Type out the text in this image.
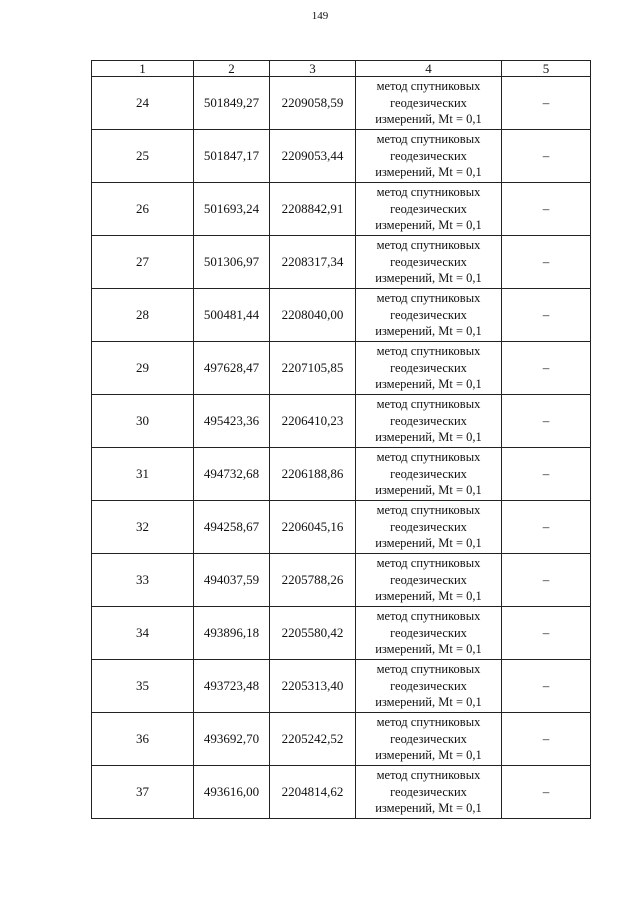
149
1	2	3	4	5
24	501849,27	2209058,59	метод спутниковых
геодезических
измерений, Mt = 0,1	–
25	501847,17	2209053,44	метод спутниковых
геодезических
измерений, Mt = 0,1	–
26	501693,24	2208842,91	метод спутниковых
геодезических
измерений, Mt = 0,1	–
27	501306,97	2208317,34	метод спутниковых
геодезических
измерений, Mt = 0,1	–
28	500481,44	2208040,00	метод спутниковых
геодезических
измерений, Mt = 0,1	–
29	497628,47	2207105,85	метод спутниковых
геодезических
измерений, Mt = 0,1	–
30	495423,36	2206410,23	метод спутниковых
геодезических
измерений, Mt = 0,1	–
31	494732,68	2206188,86	метод спутниковых
геодезических
измерений, Mt = 0,1	–
32	494258,67	2206045,16	метод спутниковых
геодезических
измерений, Mt = 0,1	–
33	494037,59	2205788,26	метод спутниковых
геодезических
измерений, Mt = 0,1	–
34	493896,18	2205580,42	метод спутниковых
геодезических
измерений, Mt = 0,1	–
35	493723,48	2205313,40	метод спутниковых
геодезических
измерений, Mt = 0,1	–
36	493692,70	2205242,52	метод спутниковых
геодезических
измерений, Mt = 0,1	–
37	493616,00	2204814,62	метод спутниковых
геодезических
измерений, Mt = 0,1	–
